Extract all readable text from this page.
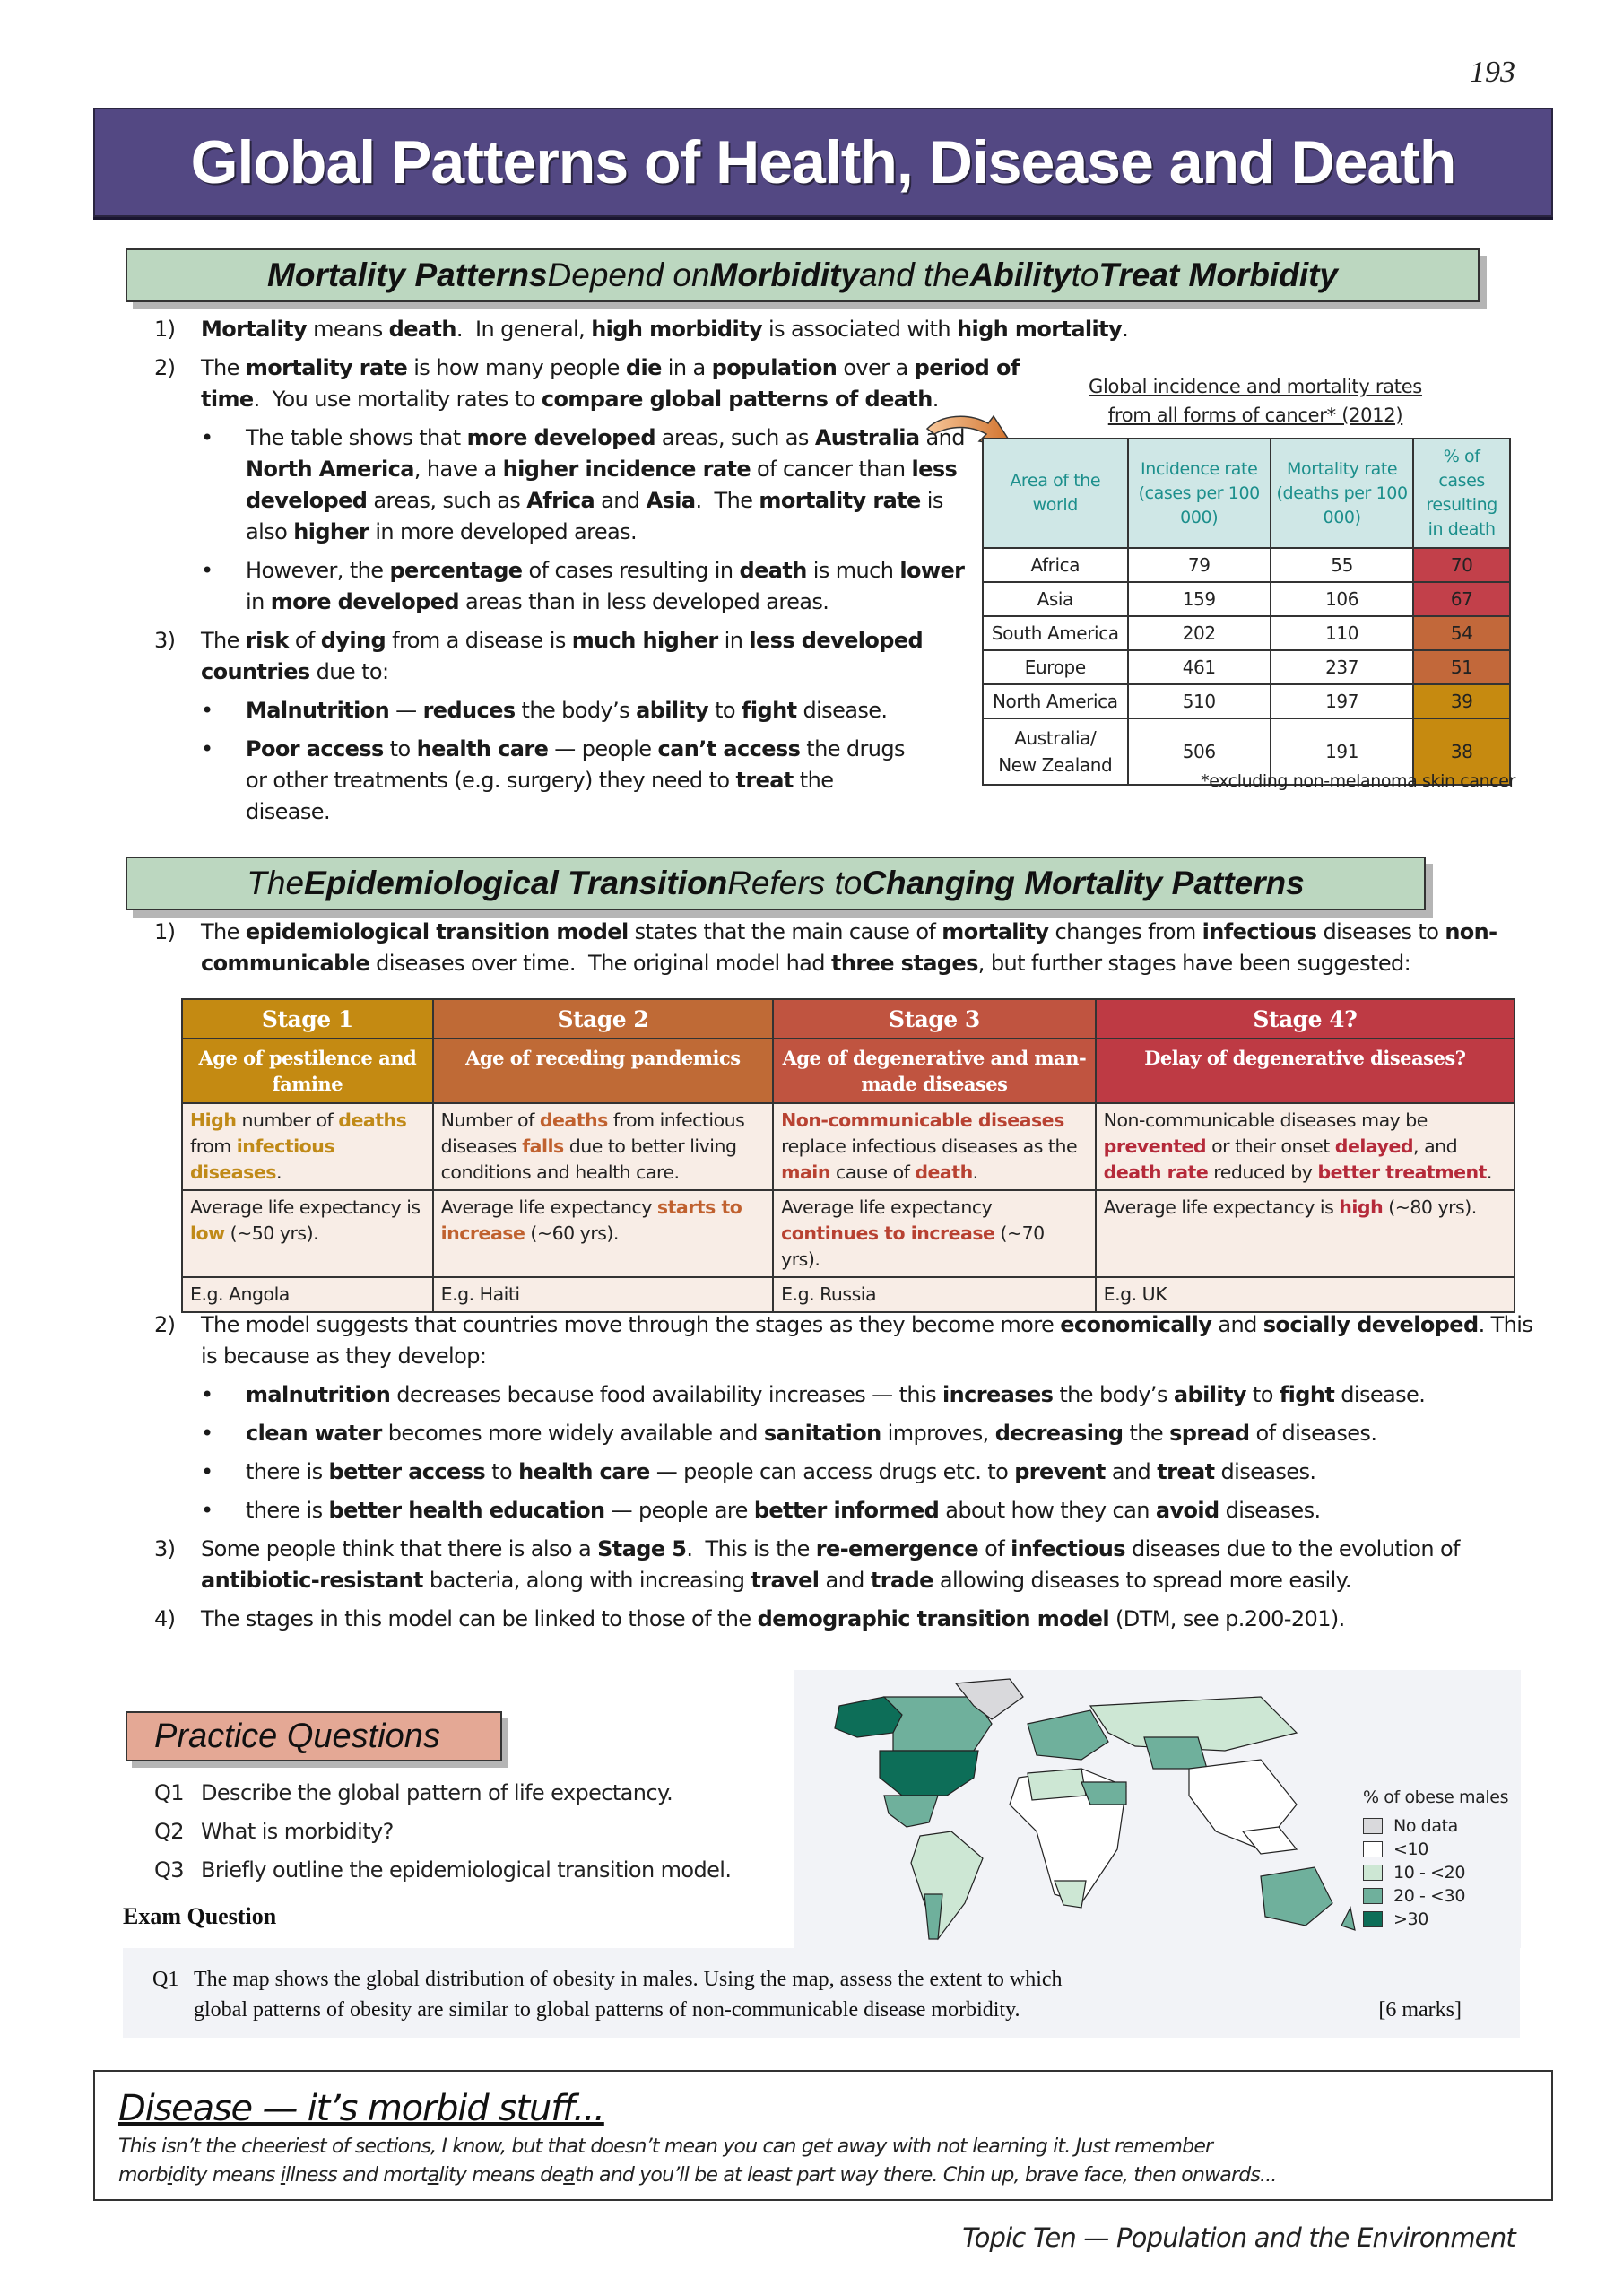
193
Global Patterns of Health, Disease and Death
Mortality Patterns Depend on Morbidity and the Ability to Treat Morbidity
1) Mortality means death.  In general, high morbidity is associated with high mortality.
2) The mortality rate is how many people die in a population over a period of time.  You use mortality rates to compare global patterns of death.
• The table shows that more developed areas, such as Australia and North America, have a higher incidence rate of cancer than less developed areas, such as Africa and Asia.  The mortality rate is also higher in more developed areas.
• However, the percentage of cases resulting in death is much lower in more developed areas than in less developed areas.
3) The risk of dying from a disease is much higher in less developed countries due to:
• Malnutrition — reduces the body’s ability to fight disease.
• Poor access to health care — people can’t access the drugs or other treatments (e.g. surgery) they need to treat the disease.
Global incidence and mortality rates
from all forms of cancer* (2012)
Area of the world	Incidence rate (cases per 100 000)	Mortality rate (deaths per 100 000)	% of cases resulting in death
Africa	79	55	70
Asia	159	106	67
South America	202	110	54
Europe	461	237	51
North America	510	197	39
Australia/
New Zealand	506	191	38
*excluding non-melanoma skin cancer
The Epidemiological Transition Refers to Changing Mortality Patterns
1) The epidemiological transition model states that the main cause of mortality changes from infectious diseases to non-communicable diseases over time.  The original model had three stages, but further stages have been suggested:
Stage 1	Stage 2	Stage 3	Stage 4?
Age of pestilence and famine	Age of receding pandemics	Age of degenerative and man-made diseases	Delay of degenerative diseases?
High number of deaths from infectious diseases.	Number of deaths from infectious diseases falls due to better living conditions and health care.	Non-communicable diseases replace infectious diseases as the main cause of death.	Non-communicable diseases may be prevented or their onset delayed, and death rate reduced by better treatment.
Average life expectancy is low (~50 yrs).	Average life expectancy starts to increase (~60 yrs).	Average life expectancy continues to increase (~70 yrs).	Average life expectancy is high (~80 yrs).
E.g. Angola	E.g. Haiti	E.g. Russia	E.g. UK
2) The model suggests that countries move through the stages as they become more economically and socially developed. This is because as they develop:
• malnutrition decreases because food availability increases — this increases the body’s ability to fight disease.
• clean water becomes more widely available and sanitation improves, decreasing the spread of diseases.
• there is better access to health care — people can access drugs etc. to prevent and treat diseases.
• there is better health education — people are better informed about how they can avoid diseases.
3) Some people think that there is also a Stage 5.  This is the re-emergence of infectious diseases due to the evolution of antibiotic-resistant bacteria, along with increasing travel and trade allowing diseases to spread more easily.
4) The stages in this model can be linked to those of the demographic transition model (DTM, see p.200-201).
% of obese males
No data
<10
10 - <20
20 - <30
>30
Practice Questions
Q1 Describe the global pattern of life expectancy.
Q2 What is morbidity?
Q3 Briefly outline the epidemiological transition model.
Exam Question
Q1 The map shows the global distribution of obesity in males. Using the map, assess the extent to which
global patterns of obesity are similar to global patterns of non-communicable disease morbidity.	[6 marks]
Disease — it’s morbid stuff...
This isn’t the cheeriest of sections, I know, but that doesn’t mean you can get away with not learning it. Just remember
morbidity means illness and mortality means death and you’ll be at least part way there. Chin up, brave face, then onwards...
Topic Ten — Population and the Environment
